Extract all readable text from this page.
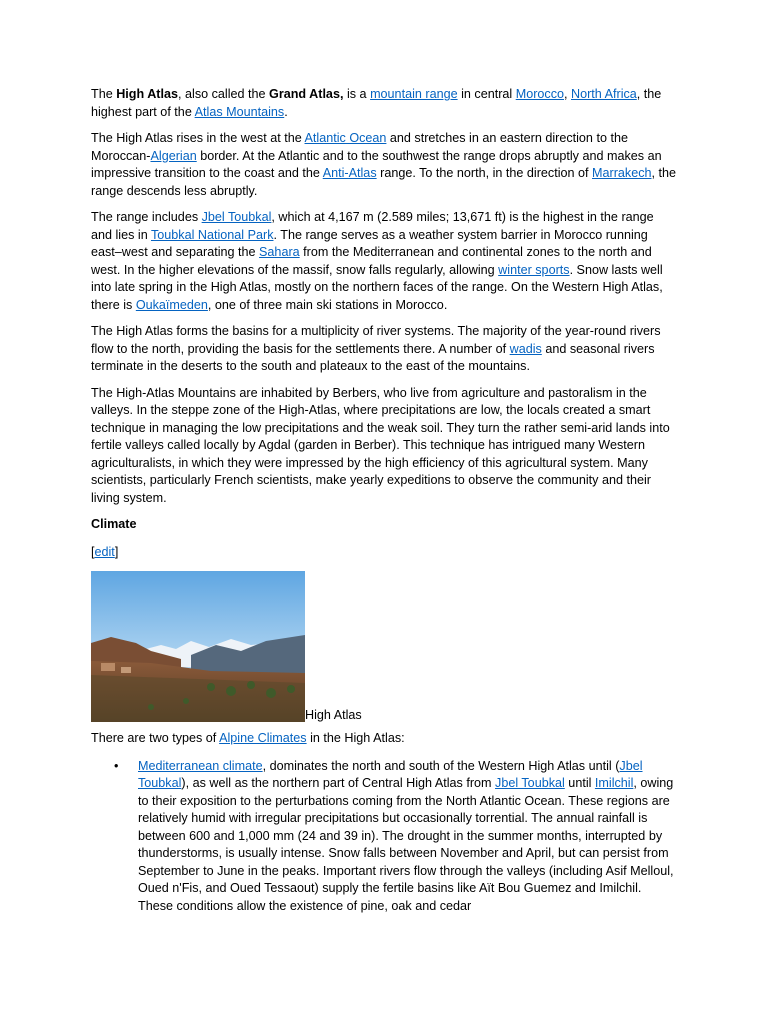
The High Atlas, also called the Grand Atlas, is a mountain range in central Morocco, North Africa, the highest part of the Atlas Mountains.

The High Atlas rises in the west at the Atlantic Ocean and stretches in an eastern direction to the Moroccan-Algerian border. At the Atlantic and to the southwest the range drops abruptly and makes an impressive transition to the coast and the Anti-Atlas range. To the north, in the direction of Marrakech, the range descends less abruptly.

The range includes Jbel Toubkal, which at 4,167 m (2.589 miles; 13,671 ft) is the highest in the range and lies in Toubkal National Park. The range serves as a weather system barrier in Morocco running east–west and separating the Sahara from the Mediterranean and continental zones to the north and west. In the higher elevations of the massif, snow falls regularly, allowing winter sports. Snow lasts well into late spring in the High Atlas, mostly on the northern faces of the range. On the Western High Atlas, there is Oukaïmeden, one of three main ski stations in Morocco.

The High Atlas forms the basins for a multiplicity of river systems. The majority of the year-round rivers flow to the north, providing the basis for the settlements there. A number of wadis and seasonal rivers terminate in the deserts to the south and plateaux to the east of the mountains.

The High-Atlas Mountains are inhabited by Berbers, who live from agriculture and pastoralism in the valleys. In the steppe zone of the High-Atlas, where precipitations are low, the locals created a smart technique in managing the low precipitations and the weak soil. They turn the rather semi-arid lands into fertile valleys called locally by Agdal (garden in Berber). This technique has intrigued many Western agriculturalists, in which they were impressed by the high efficiency of this agricultural system. Many scientists, particularly French scientists, make yearly expeditions to observe the community and their living system.

Climate
[edit]
High Atlas

There are two types of Alpine Climates in the High Atlas:

• Mediterranean climate, dominates the north and south of the Western High Atlas until (Jbel Toubkal), as well as the northern part of Central High Atlas from Jbel Toubkal until Imilchil, owing to their exposition to the perturbations coming from the North Atlantic Ocean. These regions are relatively humid with irregular precipitations but occasionally torrential. The annual rainfall is between 600 and 1,000 mm (24 and 39 in). The drought in the summer months, interrupted by thunderstorms, is usually intense. Snow falls between November and April, but can persist from September to June in the peaks. Important rivers flow through the valleys (including Asif Melloul, Oued n'Fis, and Oued Tessaout) supply the fertile basins like Aït Bou Guemez and Imilchil. These conditions allow the existence of pine, oak and cedar
